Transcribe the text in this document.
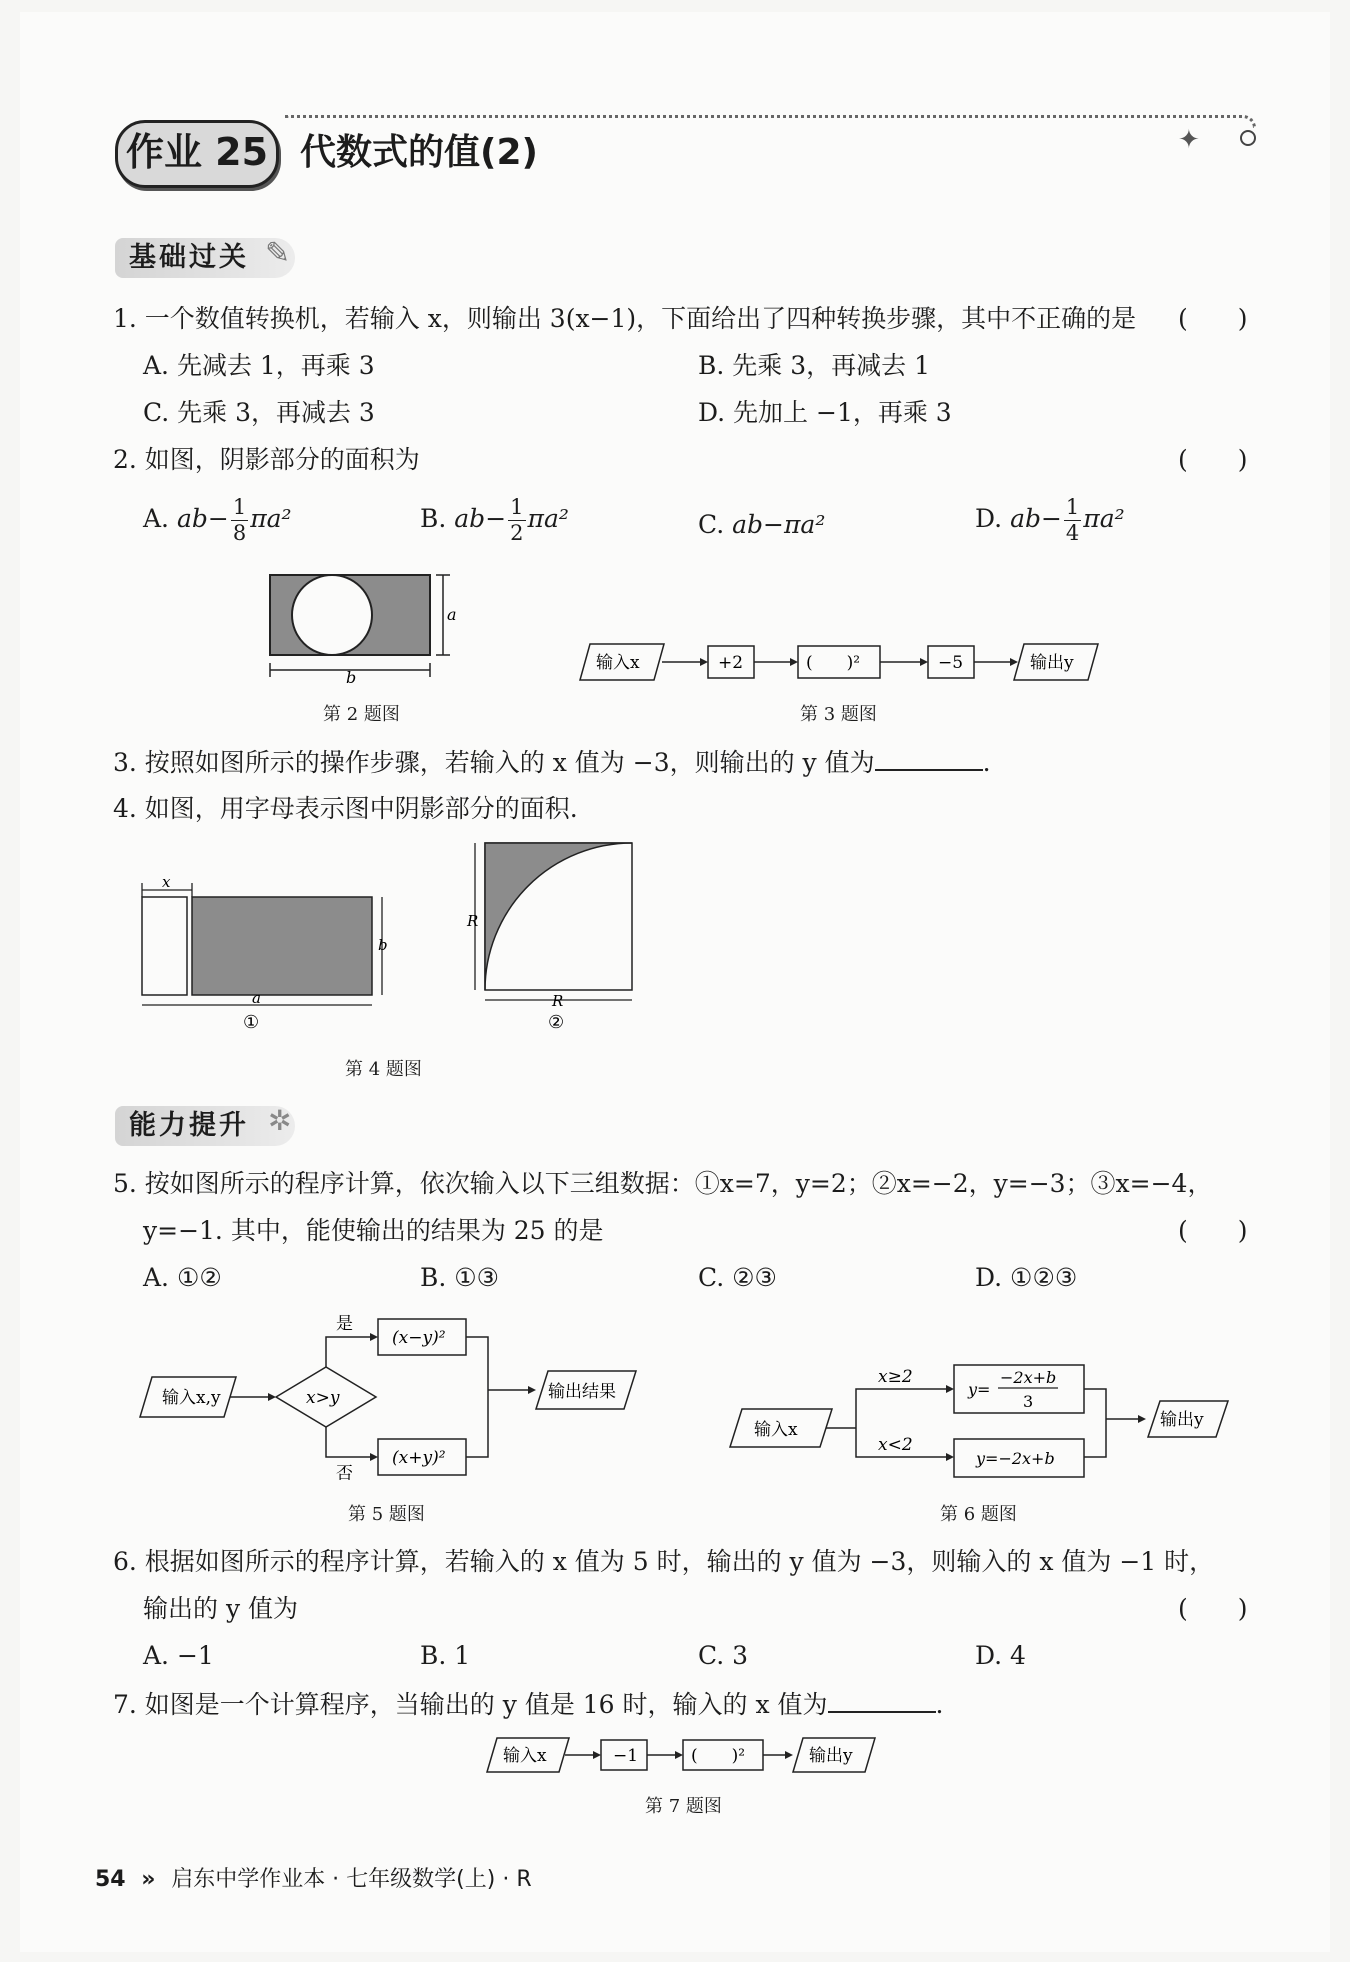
作业 25 代数式的值(2)	✦
基础过关 ✎
1. 一个数值转换机，若输入 x，则输出 3(x−1)，下面给出了四种转换步骤，其中不正确的是 (　　)
A. 先减去 1，再乘 3	B. 先乘 3，再减去 1
C. 先乘 3，再减去 3	D. 先加上 −1，再乘 3
2. 如图，阴影部分的面积为	(　　)
A. $ab- \frac{1}{8} \pi a^2$	B. $ab- \frac{1}{2} \pi a^2$	C. ab−πa²	D. $ab- \frac{1}{4} \pi a^2$
a
b
第 2 题图
输入x	+2	(　　)²	−5	输出y
第 3 题图
3. 按照如图所示的操作步骤，若输入的 x 值为 −3，则输出的 y 值为	.
4. 如图，用字母表示图中阴影部分的面积.
x
b
a
①
R
R
②
第 4 题图
能力提升 ✲
5. 按如图所示的程序计算，依次输入以下三组数据：①x=7，y=2；②x=−2，y=−3；③x=−4，
y=−1. 其中，能使输出的结果为 25 的是	(　　)
A. ①②	B. ①③	C. ②③	D. ①②③
输入x,y	x>y
是
否
(x−y)²
(x+y)²
输出结果
第 5 题图
输入x
x≥2
x<2
y=
−2x+b
3
y=−2x+b
输出y
第 6 题图
6. 根据如图所示的程序计算，若输入的 x 值为 5 时，输出的 y 值为 −3，则输入的 x 值为 −1 时，
输出的 y 值为	(　　)
A. −1	B. 1	C. 3	D. 4
7. 如图是一个计算程序，当输出的 y 值是 16 时，输入的 x 值为	.
输入x	−1	(　　)²	输出y
第 7 题图
54 » 启东中学作业本 · 七年级数学(上) · R
